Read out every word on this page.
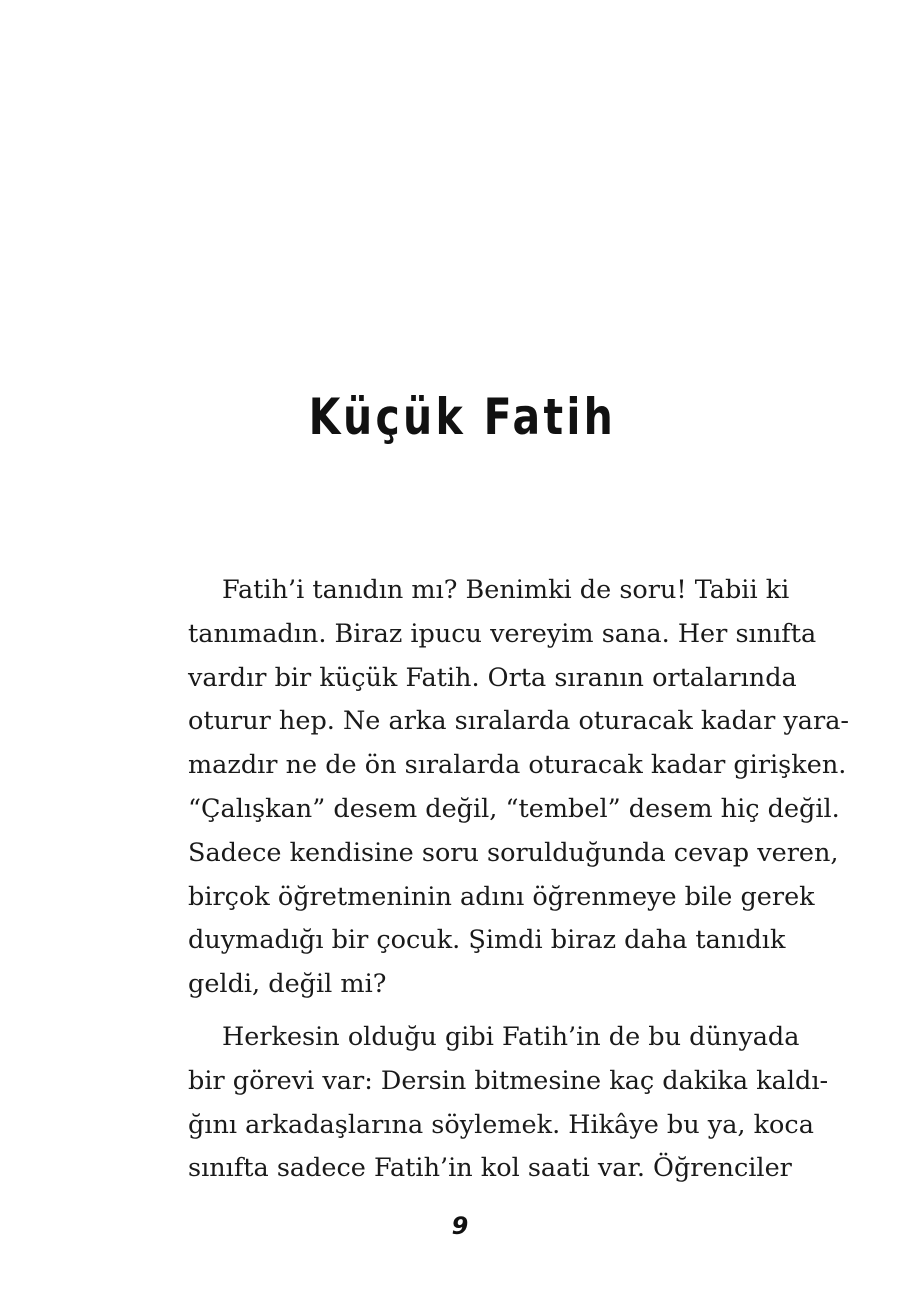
Küçük Fatih
Fatih’i tanıdın mı? Benimki de soru! Tabii ki
tanımadın. Biraz ipucu vereyim sana. Her sınıfta
vardır bir küçük Fatih. Orta sıranın ortalarında
oturur hep. Ne arka sıralarda oturacak kadar yara-
mazdır ne de ön sıralarda oturacak kadar girişken.
“Çalışkan” desem değil, “tembel” desem hiç değil.
Sadece kendisine soru sorulduğunda cevap veren,
birçok öğretmeninin adını öğrenmeye bile gerek
duymadığı bir çocuk. Şimdi biraz daha tanıdık
geldi, değil mi?
Herkesin olduğu gibi Fatih’in de bu dünyada
bir görevi var: Dersin bitmesine kaç dakika kaldı-
ğını arkadaşlarına söylemek. Hikâye bu ya, koca
sınıfta sadece Fatih’in kol saati var. Öğrenciler
9
